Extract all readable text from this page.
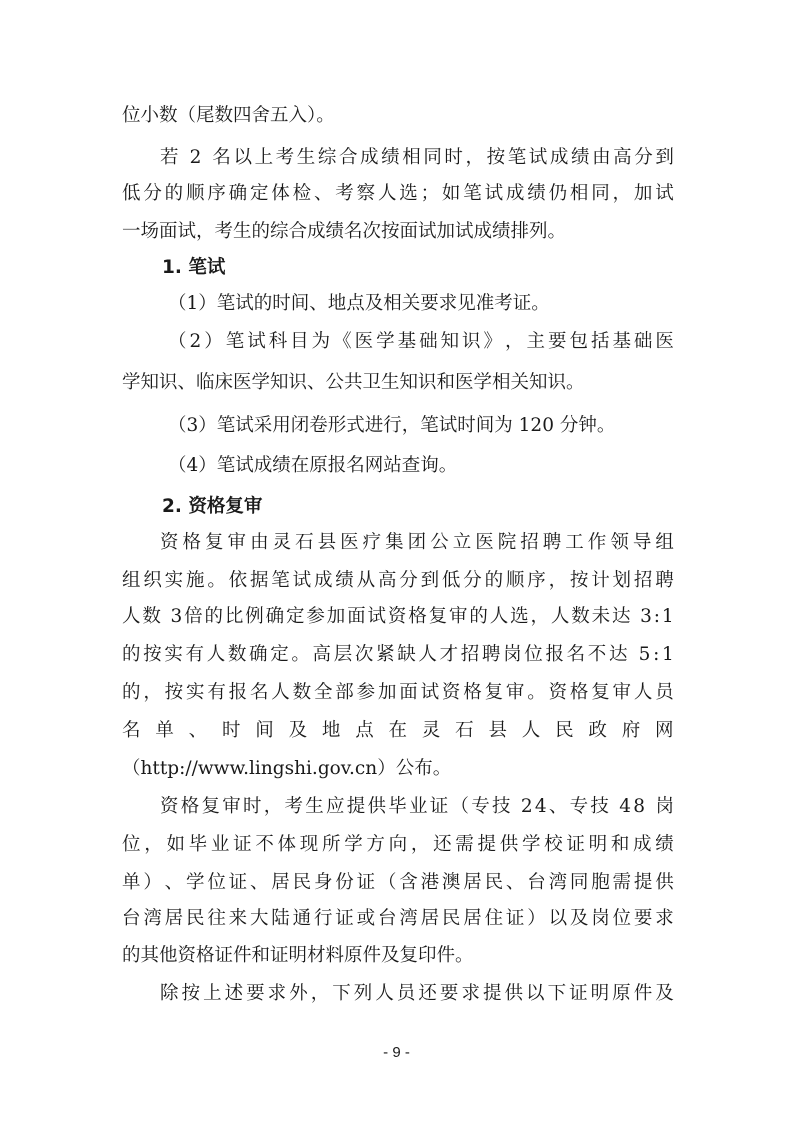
位小数（尾数四舍五入）。
若
2
名 以 上 考 生 综 合 成 绩 相 同 时 ， 按 笔 试 成 绩 由 高 分 到
低 分 的 顺 序 确 定 体 检 、 考 察 人 选 ； 如 笔 试 成 绩 仍 相 同 ， 加 试
一场面试，考生的综合成绩名次按面试加试成绩排列。
1. 笔试
（1）笔试的时间、地点及相关要求见准考证。
（ 2 ） 笔 试 科 目 为 《 医 学 基 础 知 识 》 ， 主 要 包 括 基 础 医
学知识、临床医学知识、公共卫生知识和医学相关知识。
（3）笔试采用闭卷形式进行，笔试时间为 120 分钟。
（4）笔试成绩在原报名网站查询。
2. 资格复审
资 格 复 审 由 灵 石 县 医 疗 集 团 公 立 医 院 招 聘 工 作 领 导 组
组 织 实 施 。 依 据 笔 试 成 绩 从 高 分 到 低 分 的 顺 序 ， 按 计 划 招 聘
人 数
3 倍 的 比 例 确 定 参 加 面 试 资 格 复 审 的 人 选 ， 人 数 未 达
3 : 1
的 按 实 有 人 数 确 定 。 高 层 次 紧 缺 人 才 招 聘 岗 位 报 名 不 达
5 : 1
的 ， 按 实 有 报 名 人 数 全 部 参 加 面 试 资 格 复 审 。 资 格 复 审 人 员
名
单
、
时
间
及
地
点
在
灵
石
县
人
民
政
府
网
（http://www.lingshi.gov.cn）公布。
资 格 复 审 时 ， 考 生 应 提 供 毕 业 证 （ 专 技
2 4 、 专 技
4 8
岗
位 ， 如 毕 业 证 不 体 现 所 学 方 向 ， 还 需 提 供 学 校 证 明 和 成 绩
单 ） 、 学 位 证 、 居 民 身 份 证 （ 含 港 澳 居 民 、 台 湾 同 胞 需 提 供
台 湾 居 民 往 来 大 陆 通 行 证 或 台 湾 居 民 居 住 证 ） 以 及 岗 位 要 求
的其他资格证件和证明材料原件及复印件。
除 按 上 述 要 求 外 ， 下 列 人 员 还 要 求 提 供 以 下 证 明 原 件 及
- 9 -
